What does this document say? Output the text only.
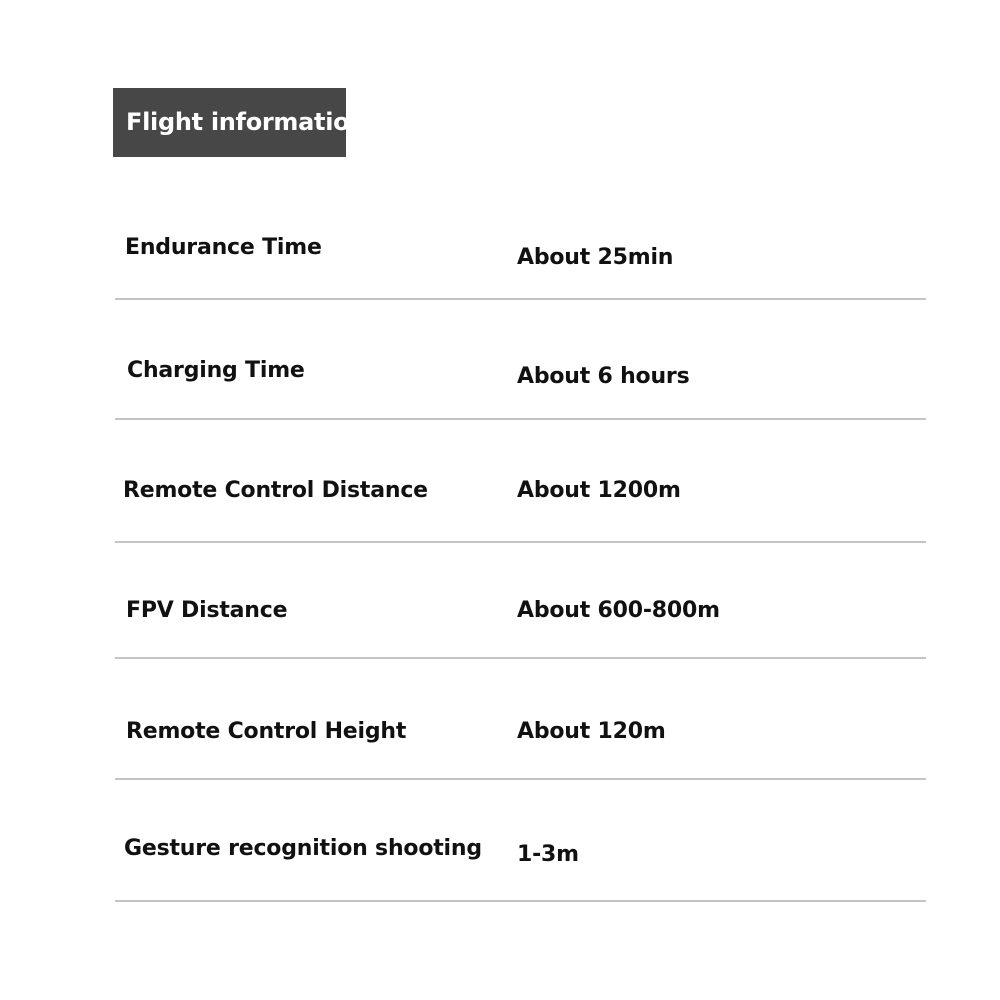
Flight information
Endurance Time	About 25min
Charging Time	About 6 hours
Remote Control Distance	About 1200m
FPV Distance	About 600-800m
Remote Control Height	About 120m
Gesture recognition shooting 1-3m
